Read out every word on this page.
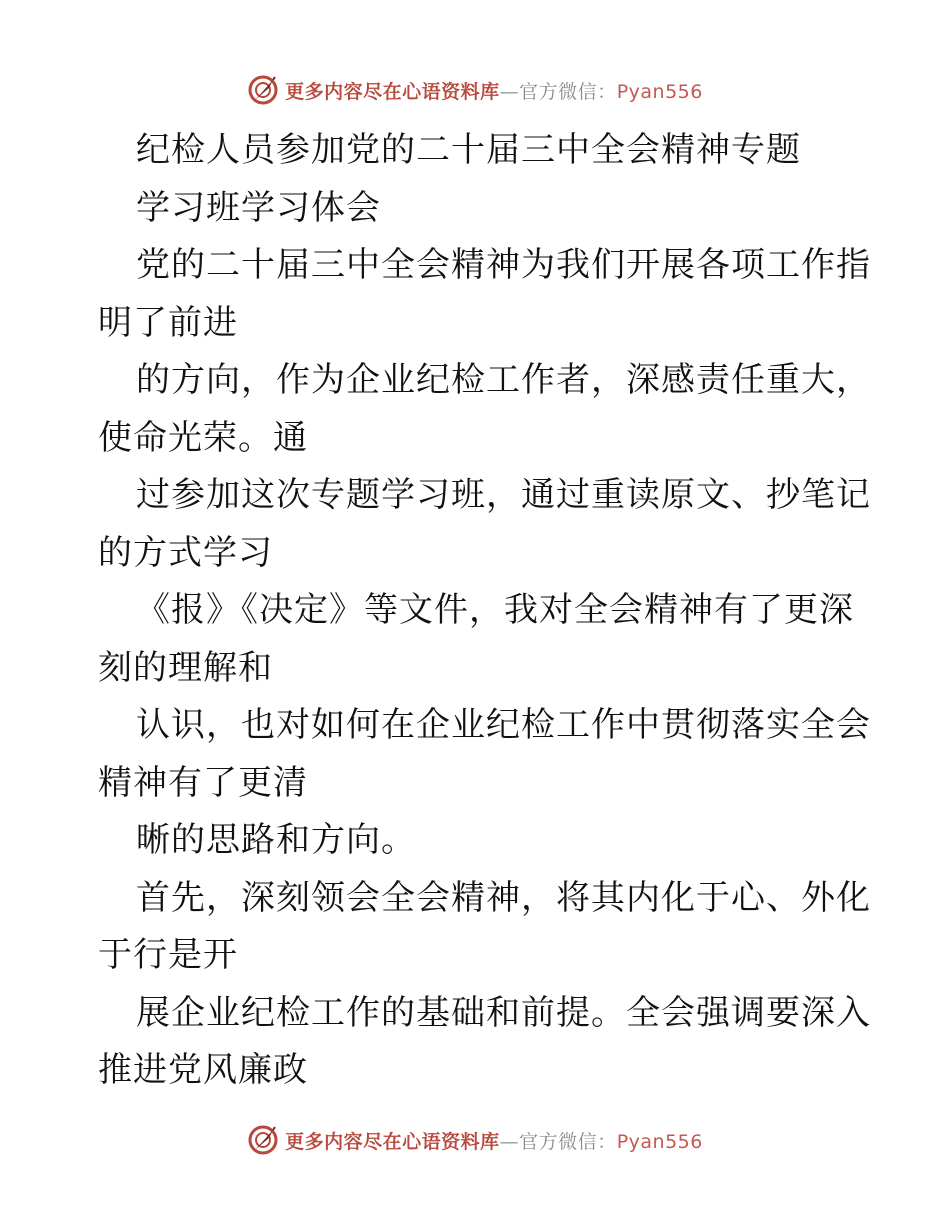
更多内容尽在心语资料库—官方微信：Pyan556
纪检人员参加党的二十届三中全会精神专题
学习班学习体会
党的二十届三中全会精神为我们开展各项工作指
明了前进
的方向，作为企业纪检工作者，深感责任重大，
使命光荣。通
过参加这次专题学习班，通过重读原文、抄笔记
的方式学习
《报》《决定》等文件，我对全会精神有了更深
刻的理解和
认识，也对如何在企业纪检工作中贯彻落实全会
精神有了更清
晰的思路和方向。
首先，深刻领会全会精神，将其内化于心、外化
于行是开
展企业纪检工作的基础和前提。全会强调要深入
推进党风廉政
更多内容尽在心语资料库—官方微信：Pyan556
